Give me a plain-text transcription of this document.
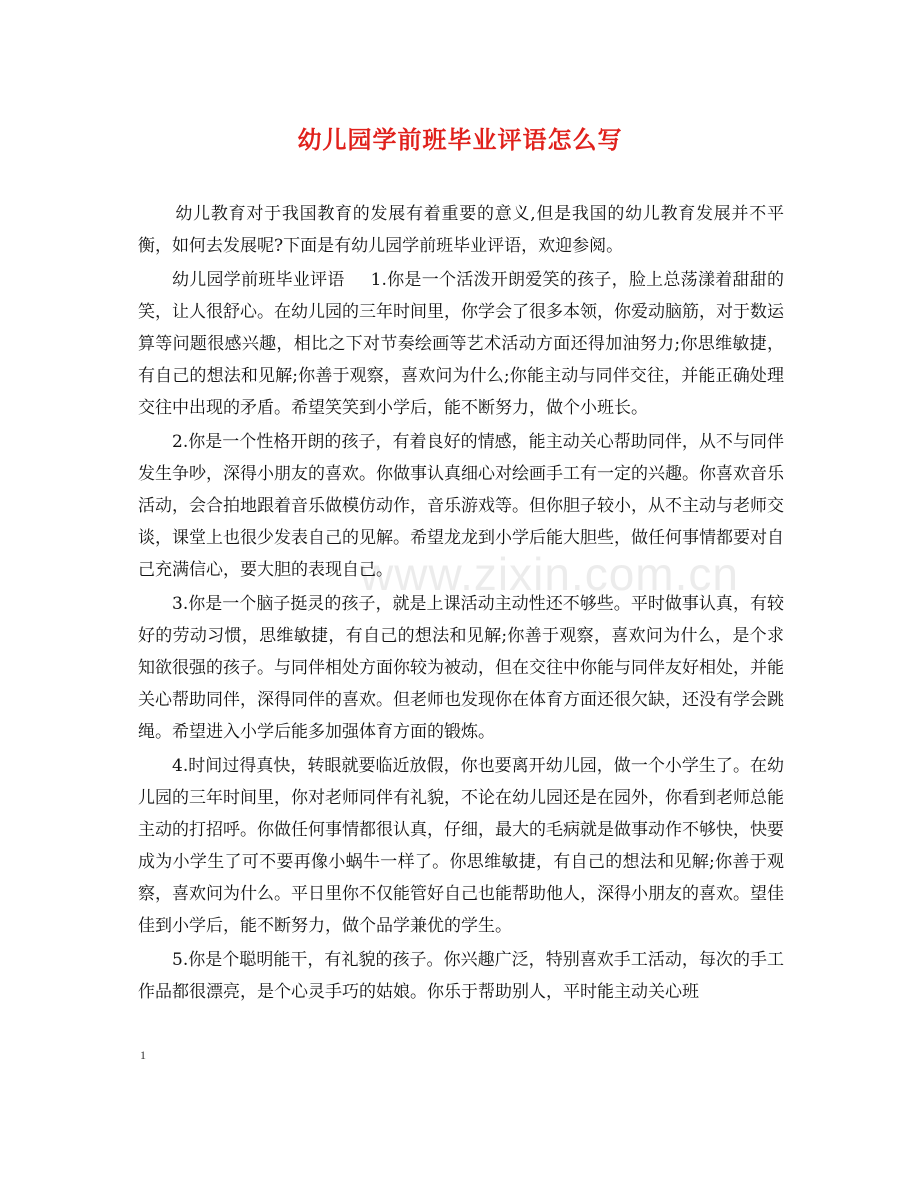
幼儿园学前班毕业评语怎么写
www.zixin.com.cn

幼儿教育对于我国教育的发展有着重要的意义,但是我国的幼儿教育发展并不平衡，如何去发展呢?下面是有幼儿园学前班毕业评语，欢迎参阅。

幼儿园学前班毕业评语 1.你是一个活泼开朗爱笑的孩子，脸上总荡漾着甜甜的笑，让人很舒心。在幼儿园的三年时间里，你学会了很多本领，你爱动脑筋，对于数运算等问题很感兴趣，相比之下对节奏绘画等艺术活动方面还得加油努力;你思维敏捷，有自己的想法和见解;你善于观察，喜欢问为什么;你能主动与同伴交往，并能正确处理交往中出现的矛盾。希望笑笑到小学后，能不断努力，做个小班长。

2.你是一个性格开朗的孩子，有着良好的情感，能主动关心帮助同伴，从不与同伴发生争吵，深得小朋友的喜欢。你做事认真细心对绘画手工有一定的兴趣。你喜欢音乐活动，会合拍地跟着音乐做模仿动作，音乐游戏等。但你胆子较小，从不主动与老师交谈，课堂上也很少发表自己的见解。希望龙龙到小学后能大胆些，做任何事情都要对自己充满信心，要大胆的表现自己。

3.你是一个脑子挺灵的孩子，就是上课活动主动性还不够些。平时做事认真，有较好的劳动习惯，思维敏捷，有自己的想法和见解;你善于观察，喜欢问为什么，是个求知欲很强的孩子。与同伴相处方面你较为被动，但在交往中你能与同伴友好相处，并能关心帮助同伴，深得同伴的喜欢。但老师也发现你在体育方面还很欠缺，还没有学会跳绳。希望进入小学后能多加强体育方面的锻炼。

4.时间过得真快，转眼就要临近放假，你也要离开幼儿园，做一个小学生了。在幼儿园的三年时间里，你对老师同伴有礼貌，不论在幼儿园还是在园外，你看到老师总能主动的打招呼。你做任何事情都很认真，仔细，最大的毛病就是做事动作不够快，快要成为小学生了可不要再像小蜗牛一样了。你思维敏捷，有自己的想法和见解;你善于观察，喜欢问为什么。平日里你不仅能管好自己也能帮助他人，深得小朋友的喜欢。望佳佳到小学后，能不断努力，做个品学兼优的学生。

5.你是个聪明能干，有礼貌的孩子。你兴趣广泛，特别喜欢手工活动，每次的手工作品都很漂亮，是个心灵手巧的姑娘。你乐于帮助别人，平时能主动关心班

1
